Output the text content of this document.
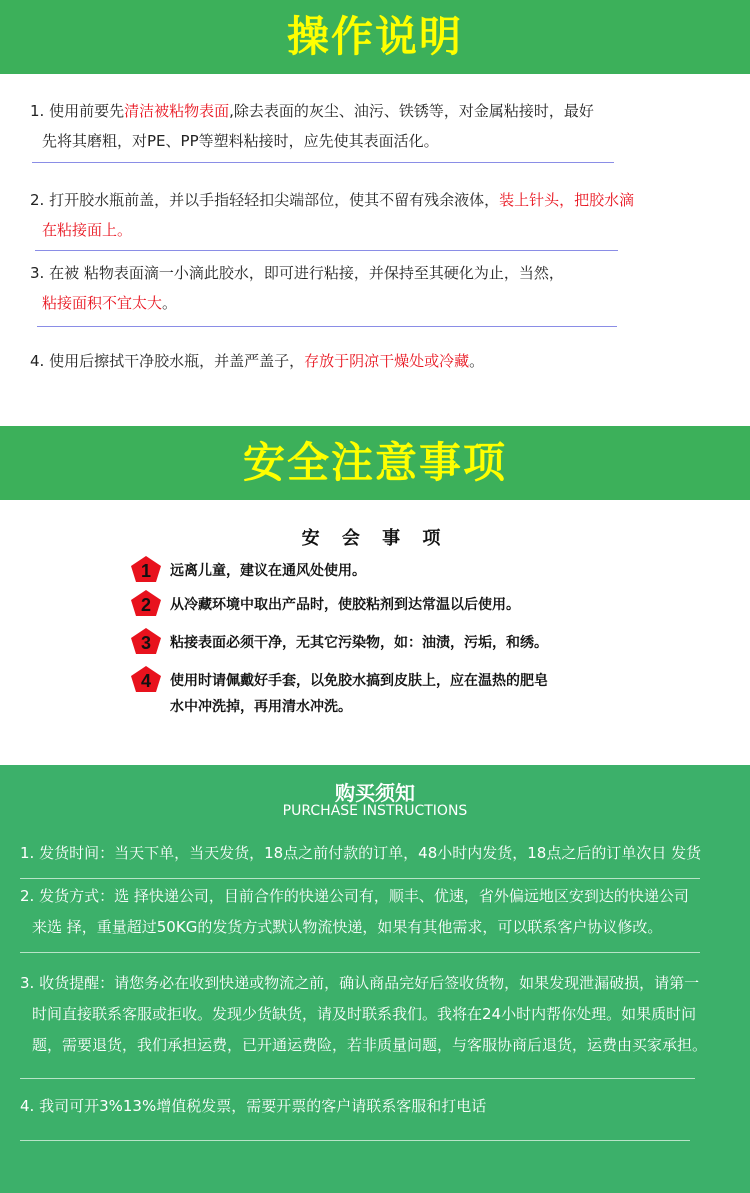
操作说明
1. 使用前要先清洁被粘物表面,除去表面的灰尘、油污、铁锈等，对金属粘接时，最好
先将其磨粗，对PE、PP等塑料粘接时，应先使其表面活化。
2. 打开胶水瓶前盖，并以手指轻轻扣尖端部位，使其不留有残余液体，装上针头，把胶水滴
在粘接面上。
3. 在被 粘物表面滴一小滴此胶水，即可进行粘接，并保持至其硬化为止，当然，
粘接面积不宜太大。
4. 使用后擦拭干净胶水瓶，并盖严盖子，存放于阴凉干燥处或冷藏。
安全注意事项
安 会 事 项
1 远离儿童，建议在通风处使用。
2 从冷藏环境中取出产品时，使胶粘剂到达常温以后使用。
3 粘接表面必须干净，无其它污染物，如：油渍，污垢，和绣。
4 使用时请佩戴好手套，以免胶水搞到皮肤上，应在温热的肥皂
水中冲洗掉，再用清水冲洗。
购买须知
PURCHASE INSTRUCTIONS
1. 发货时间：当天下单，当天发货，18点之前付款的订单，48小时内发货，18点之后的订单次日 发货
2. 发货方式：选 择快递公司，目前合作的快递公司有，顺丰、优速，省外偏远地区安到达的快递公司
来选 择，重量超过50KG的发货方式默认物流快递，如果有其他需求，可以联系客户协议修改。
3. 收货提醒：请您务必在收到快递或物流之前，确认商品完好后签收货物，如果发现泄漏破损，请第一
时间直接联系客服或拒收。发现少货缺货，请及时联系我们。我将在24小时内帮你处理。如果质时问
题，需要退货，我们承担运费，已开通运费险，若非质量问题，与客服协商后退货，运费由买家承担。
4. 我司可开3%13%增值税发票，需要开票的客户请联系客服和打电话
